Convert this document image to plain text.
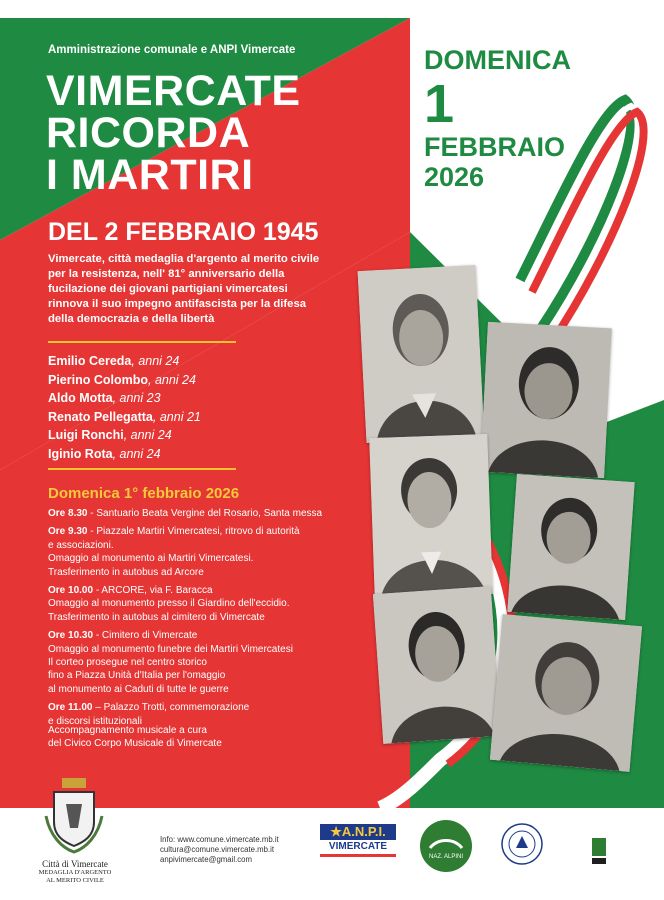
Amministrazione comunale e ANPI Vimercate
VIMERCATE
RICORDA
I MARTIRI
DEL 2 FEBBRAIO 1945
Vimercate, città medaglia d'argento al merito civile
per la resistenza, nell' 81° anniversario della
fucilazione dei giovani partigiani vimercatesi
rinnova il suo impegno antifascista per la difesa
della democrazia e della libertà
Emilio Cereda, anni 24
Pierino Colombo, anni 24
Aldo Motta, anni 23
Renato Pellegatta, anni 21
Luigi Ronchi, anni 24
Iginio Rota, anni 24
Domenica 1° febbraio 2026
Ore 8.30 - Santuario Beata Vergine del Rosario, Santa messa
Ore 9.30 - Piazzale Martiri Vimercatesi, ritrovo di autorità
e associazioni.
Omaggio al monumento ai Martiri Vimercatesi.
Trasferimento in autobus ad Arcore
Ore 10.00 - ARCORE, via F. Baracca
Omaggio al monumento presso il Giardino dell'eccidio.
Trasferimento in autobus al cimitero di Vimercate
Ore 10.30 - Cimitero di Vimercate
Omaggio al monumento funebre dei Martiri Vimercatesi
Il corteo prosegue nel centro storico
fino a Piazza Unità d'Italia per l'omaggio
al monumento ai Caduti di tutte le guerre
Ore 11.00 – Palazzo Trotti, commemorazione
e discorsi istituzionali
Accompagnamento musicale a cura
del Civico Corpo Musicale di Vimercate
DOMENICA
1
FEBBRAIO
2026
Città di Vimercate
MEDAGLIA D'ARGENTO
AL MERITO CIVILE
Info: www.comune.vimercate.mb.it
cultura@comune.vimercate.mb.it
anpivimercate@gmail.com
★A.N.P.I.
VIMERCATE
NAZ. ALPINI
